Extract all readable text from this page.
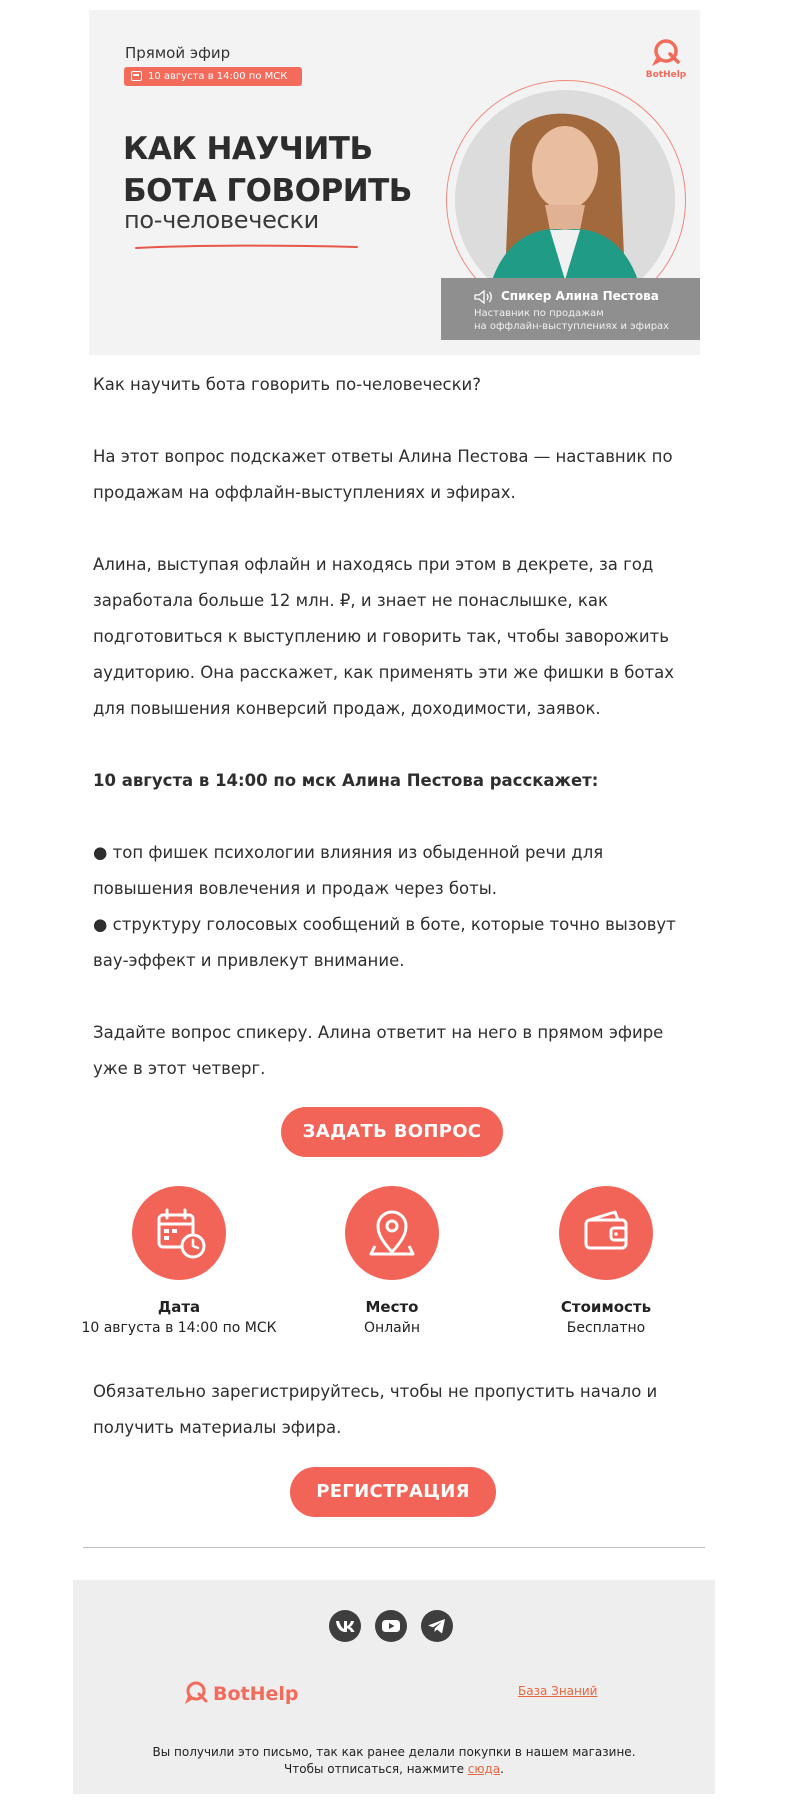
Прямой эфир
10 августа в 14:00 по МСК
КАК НАУЧИТЬ
БОТА ГОВОРИТЬ
по-человечески
BotHelp
Спикер Алина Пестова
Наставник по продажам
на оффлайн-выступлениях и эфирах
Как научить бота говорить по-человечески?
На этот вопрос подскажет ответы Алина Пестова — наставник по продажам на оффлайн-выступлениях и эфирах.
Алина, выступая офлайн и находясь при этом в декрете, за год заработала больше 12 млн. ₽, и знает не понаслышке, как подготовиться к выступлению и говорить так, чтобы заворожить аудиторию. Она расскажет, как применять эти же фишки в ботах для повышения конверсий продаж, доходимости, заявок.
10 августа в 14:00 по мск Алина Пестова расскажет:
● топ фишек психологии влияния из обыденной речи для повышения вовлечения и продаж через боты.
● структуру голосовых сообщений в боте, которые точно вызовут вау-эффект и привлекут внимание.
Задайте вопрос спикеру. Алина ответит на него в прямом эфире уже в этот четверг.
ЗАДАТЬ ВОПРОС
Дата
10 августа в 14:00 по МСК
Место
Онлайн
Стоимость
Бесплатно
Обязательно зарегистрируйтесь, чтобы не пропустить начало и получить материалы эфира.
РЕГИСТРАЦИЯ
BotHelp	База Знаний
Вы получили это письмо, так как ранее делали покупки в нашем магазине.
Чтобы отписаться, нажмите сюда.
